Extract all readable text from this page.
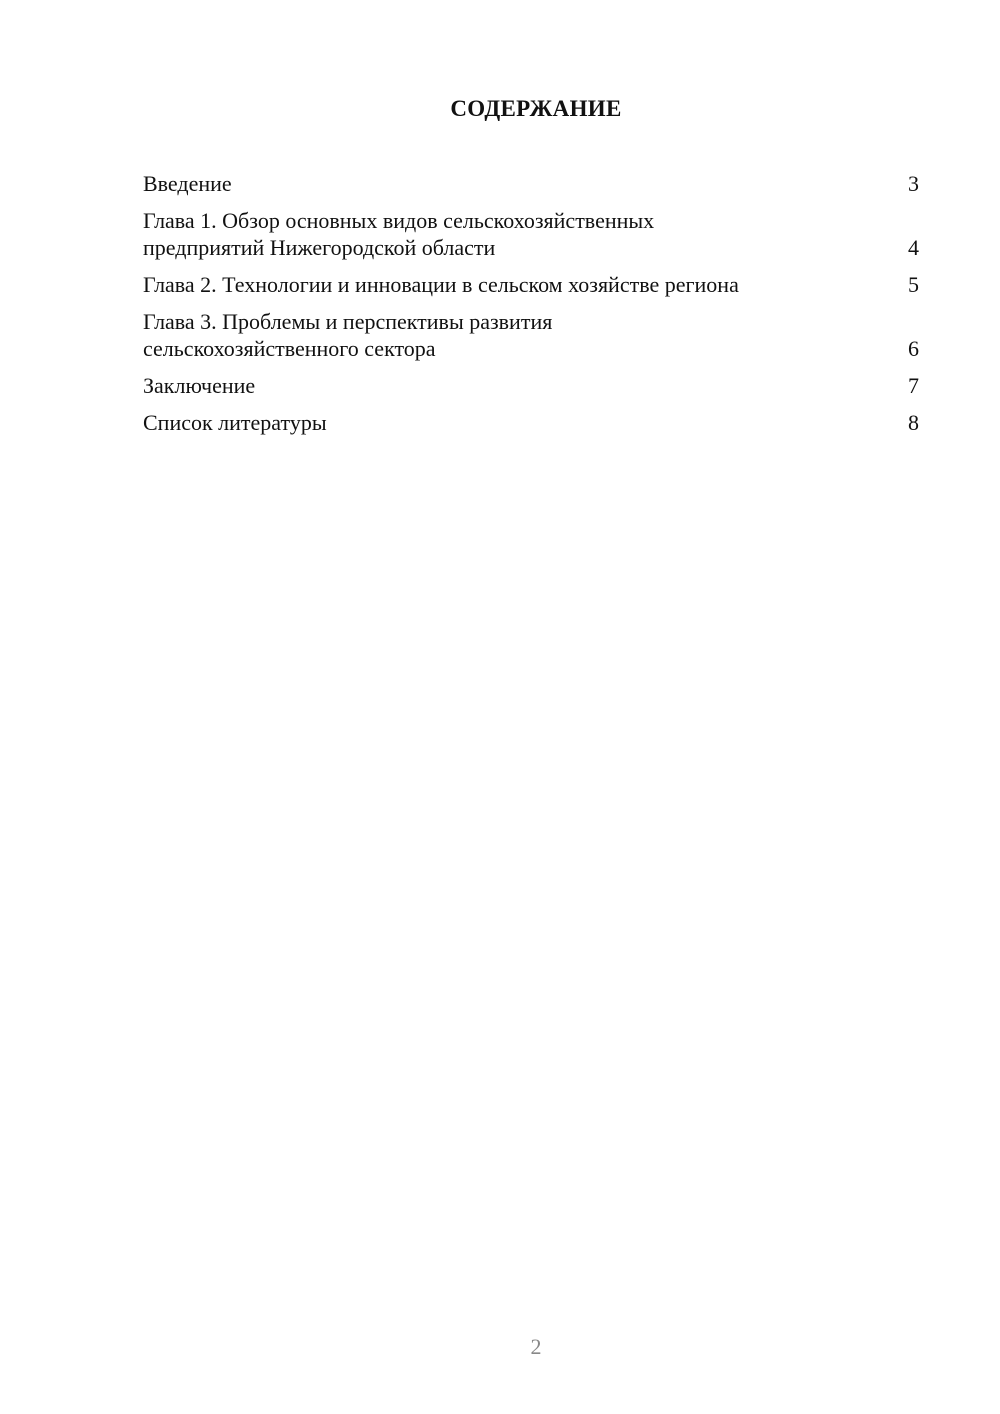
СОДЕРЖАНИЕ
Введение	3
Глава 1. Обзор основных видов сельскохозяйственных
предприятий Нижегородской области	4
Глава 2. Технологии и инновации в сельском хозяйстве региона	5
Глава 3. Проблемы и перспективы развития
сельскохозяйственного сектора	6
Заключение	7
Список литературы	8
2
